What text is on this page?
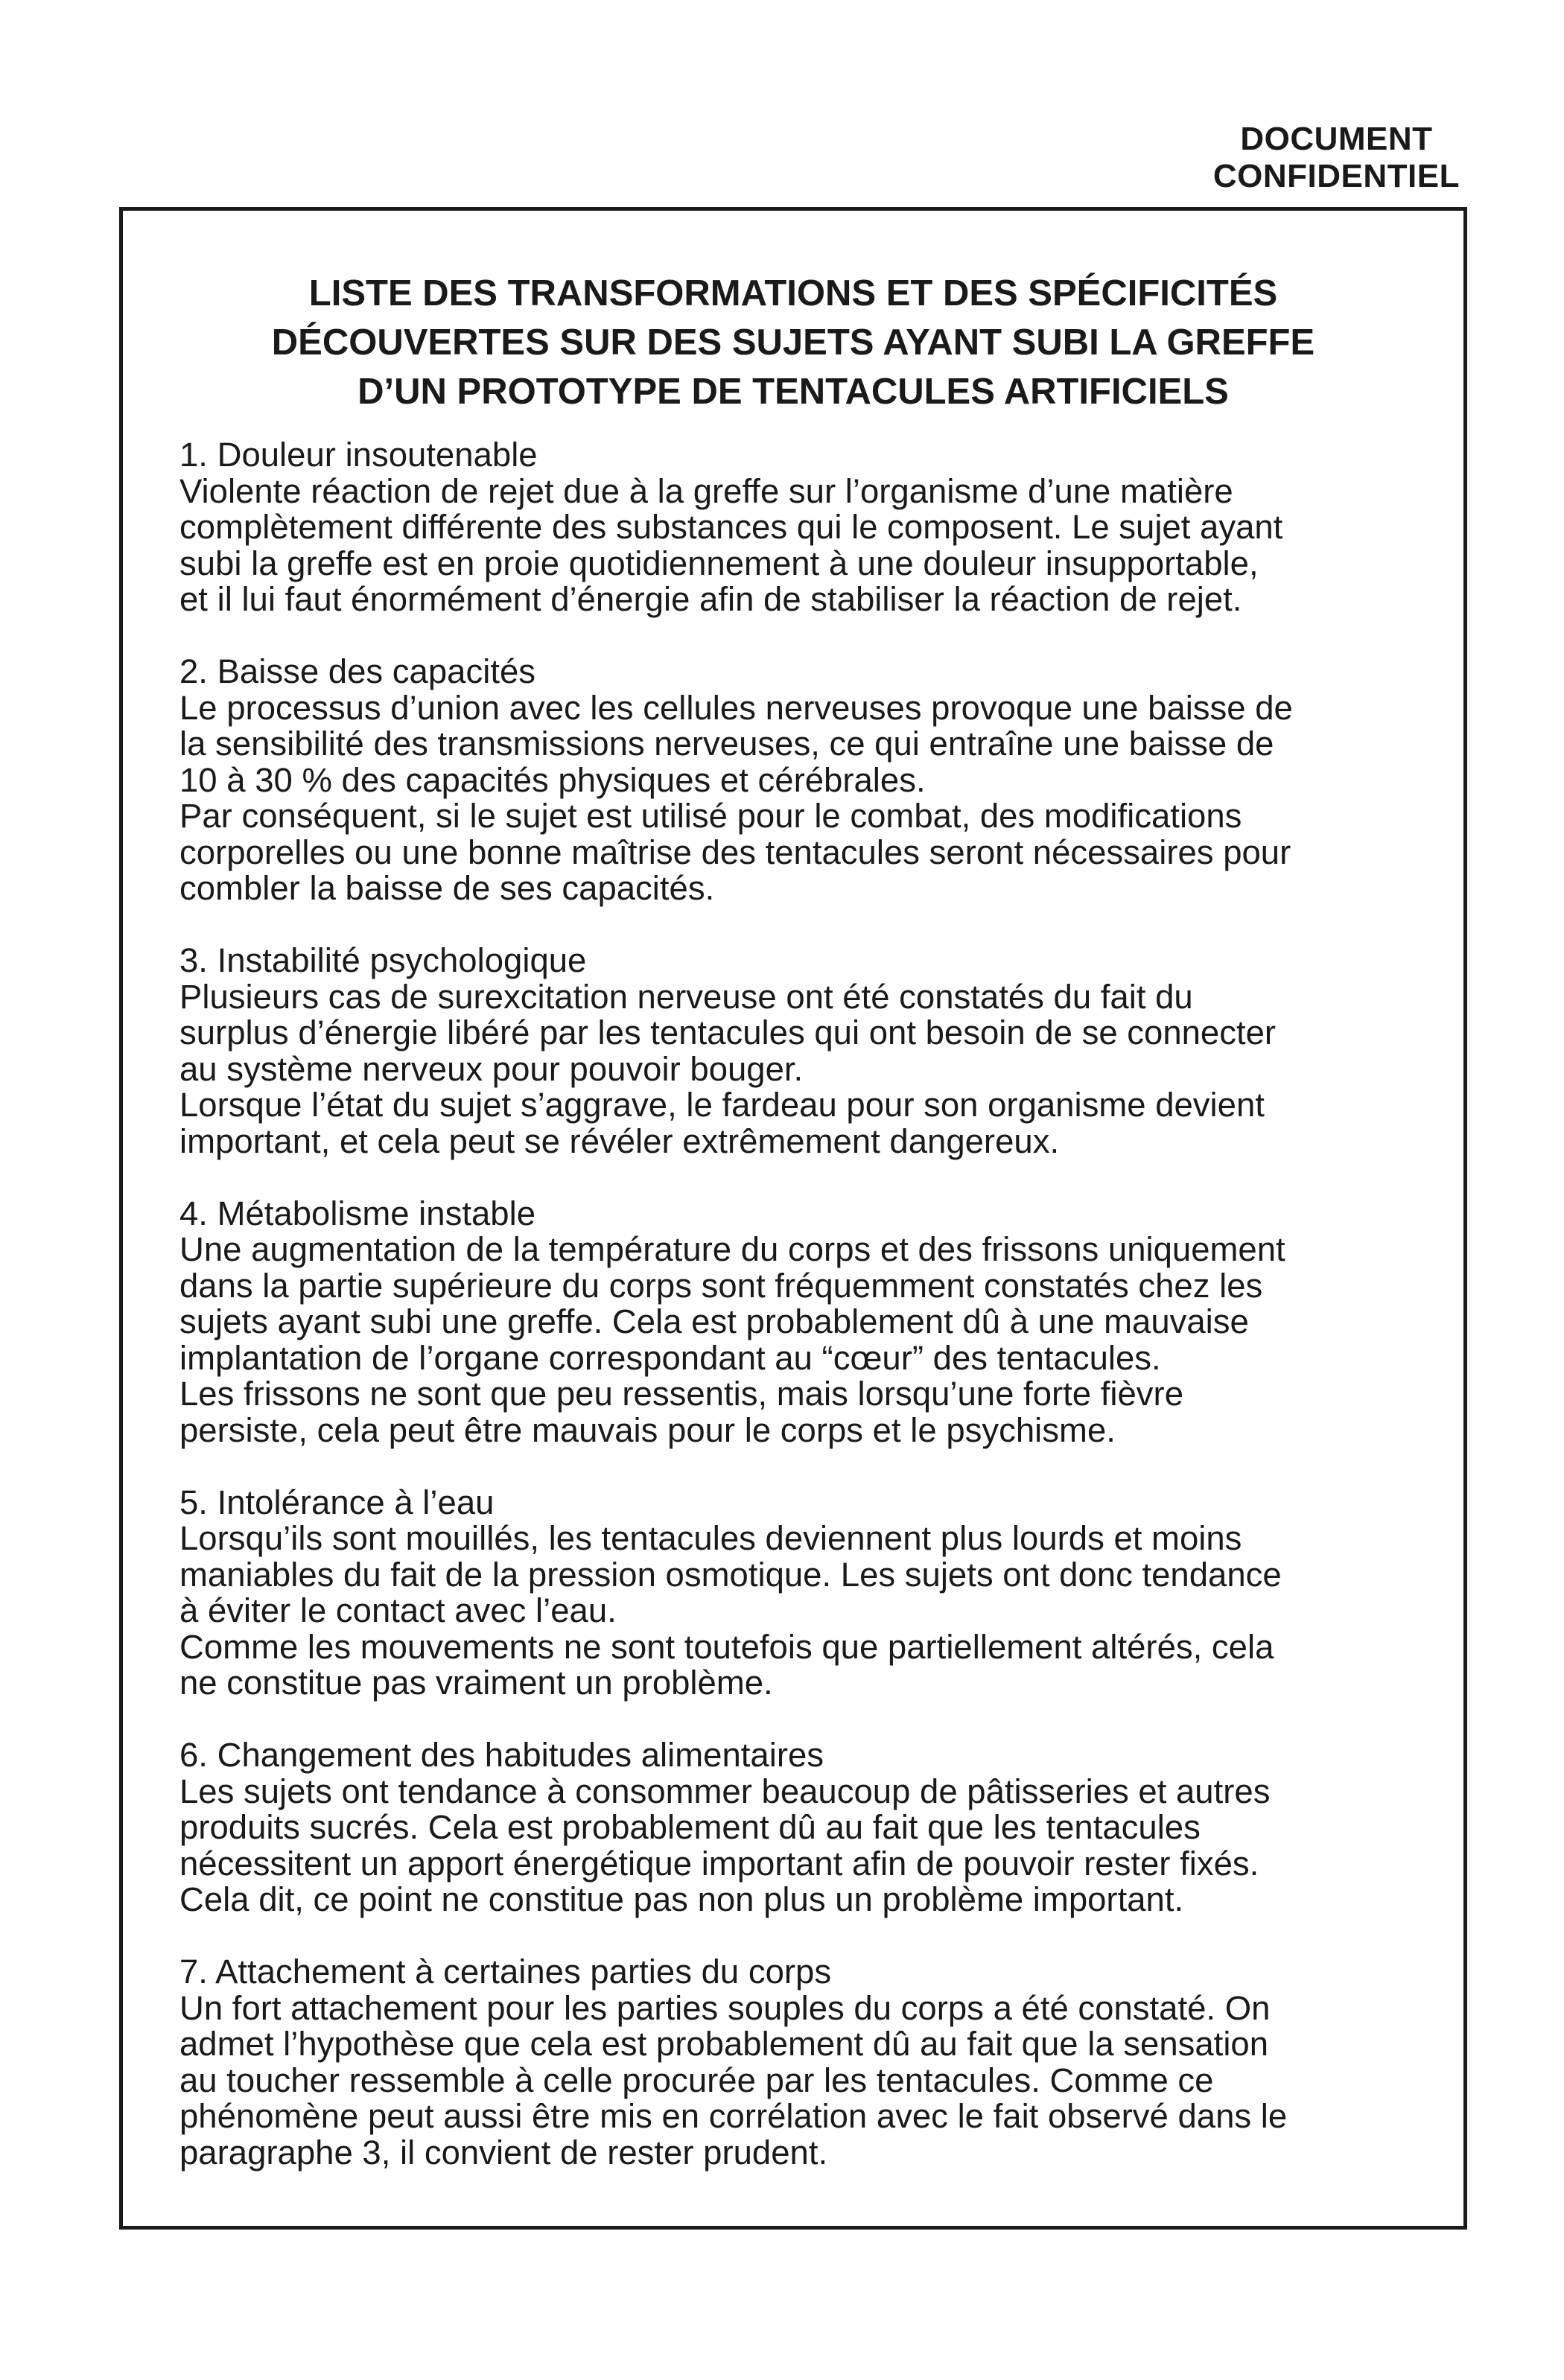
DOCUMENT
CONFIDENTIEL
LISTE DES TRANSFORMATIONS ET DES SPÉCIFICITÉS
DÉCOUVERTES SUR DES SUJETS AYANT SUBI LA GREFFE
D’UN PROTOTYPE DE TENTACULES ARTIFICIELS
1. Douleur insoutenable
Violente réaction de rejet due à la greffe sur l’organisme d’une matière
complètement différente des substances qui le composent. Le sujet ayant
subi la greffe est en proie quotidiennement à une douleur insupportable,
et il lui faut énormément d’énergie afin de stabiliser la réaction de rejet.
2. Baisse des capacités
Le processus d’union avec les cellules nerveuses provoque une baisse de
la sensibilité des transmissions nerveuses, ce qui entraîne une baisse de
10 à 30 % des capacités physiques et cérébrales.
Par conséquent, si le sujet est utilisé pour le combat, des modifications
corporelles ou une bonne maîtrise des tentacules seront nécessaires pour
combler la baisse de ses capacités.
3. Instabilité psychologique
Plusieurs cas de surexcitation nerveuse ont été constatés du fait du
surplus d’énergie libéré par les tentacules qui ont besoin de se connecter
au système nerveux pour pouvoir bouger.
Lorsque l’état du sujet s’aggrave, le fardeau pour son organisme devient
important, et cela peut se révéler extrêmement dangereux.
4. Métabolisme instable
Une augmentation de la température du corps et des frissons uniquement
dans la partie supérieure du corps sont fréquemment constatés chez les
sujets ayant subi une greffe. Cela est probablement dû à une mauvaise
implantation de l’organe correspondant au “cœur” des tentacules.
Les frissons ne sont que peu ressentis, mais lorsqu’une forte fièvre
persiste, cela peut être mauvais pour le corps et le psychisme.
5. Intolérance à l’eau
Lorsqu’ils sont mouillés, les tentacules deviennent plus lourds et moins
maniables du fait de la pression osmotique. Les sujets ont donc tendance
à éviter le contact avec l’eau.
Comme les mouvements ne sont toutefois que partiellement altérés, cela
ne constitue pas vraiment un problème.
6. Changement des habitudes alimentaires
Les sujets ont tendance à consommer beaucoup de pâtisseries et autres
produits sucrés. Cela est probablement dû au fait que les tentacules
nécessitent un apport énergétique important afin de pouvoir rester fixés.
Cela dit, ce point ne constitue pas non plus un problème important.
7. Attachement à certaines parties du corps
Un fort attachement pour les parties souples du corps a été constaté. On
admet l’hypothèse que cela est probablement dû au fait que la sensation
au toucher ressemble à celle procurée par les tentacules. Comme ce
phénomène peut aussi être mis en corrélation avec le fait observé dans le
paragraphe 3, il convient de rester prudent.
